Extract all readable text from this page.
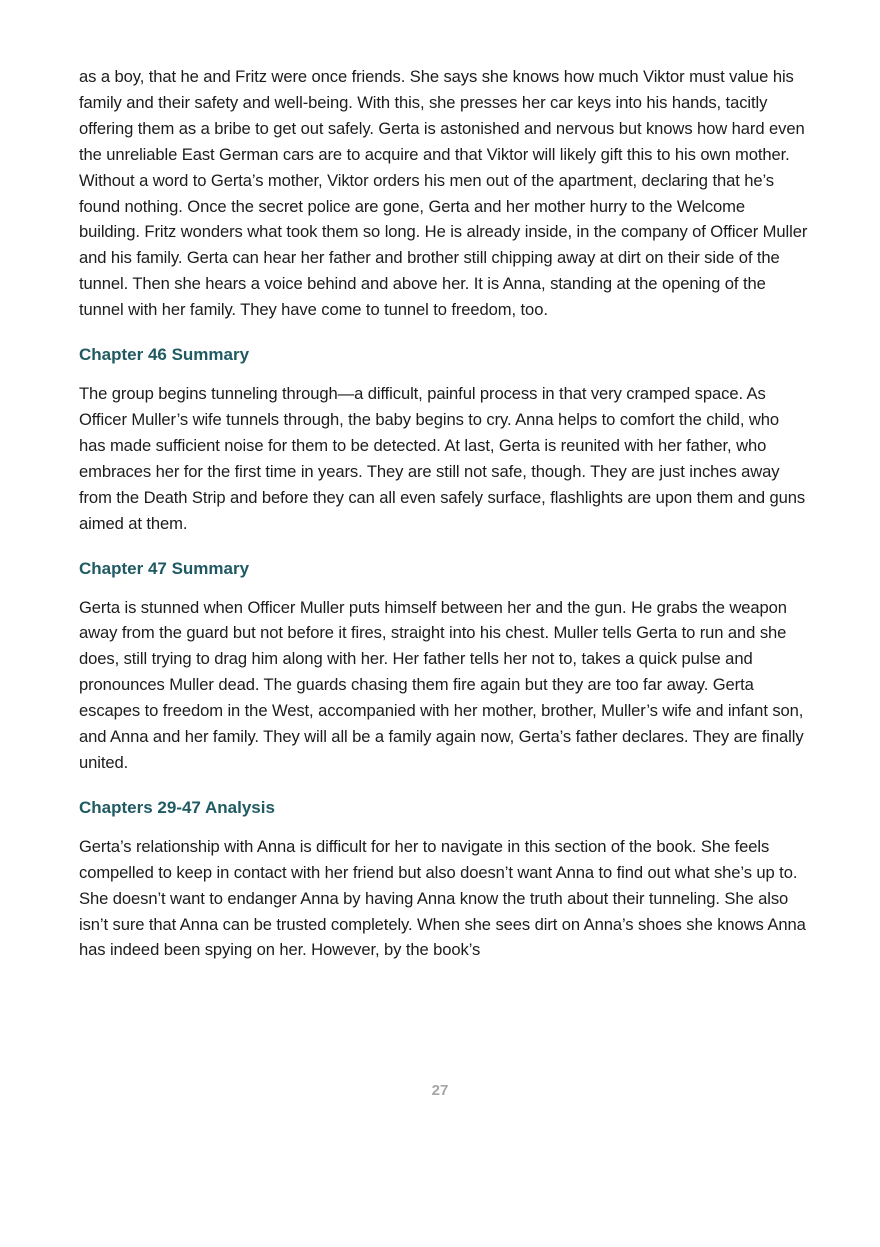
as a boy, that he and Fritz were once friends. She says she knows how much Viktor must value his family and their safety and well-being. With this, she presses her car keys into his hands, tacitly offering them as a bribe to get out safely. Gerta is astonished and nervous but knows how hard even the unreliable East German cars are to acquire and that Viktor will likely gift this to his own mother. Without a word to Gerta’s mother, Viktor orders his men out of the apartment, declaring that he’s found nothing. Once the secret police are gone, Gerta and her mother hurry to the Welcome building. Fritz wonders what took them so long. He is already inside, in the company of Officer Muller and his family. Gerta can hear her father and brother still chipping away at dirt on their side of the tunnel. Then she hears a voice behind and above her. It is Anna, standing at the opening of the tunnel with her family. They have come to tunnel to freedom, too.

Chapter 46 Summary

The group begins tunneling through—a difficult, painful process in that very cramped space. As Officer Muller’s wife tunnels through, the baby begins to cry. Anna helps to comfort the child, who has made sufficient noise for them to be detected. At last, Gerta is reunited with her father, who embraces her for the first time in years. They are still not safe, though. They are just inches away from the Death Strip and before they can all even safely surface, flashlights are upon them and guns aimed at them.

Chapter 47 Summary

Gerta is stunned when Officer Muller puts himself between her and the gun. He grabs the weapon away from the guard but not before it fires, straight into his chest. Muller tells Gerta to run and she does, still trying to drag him along with her. Her father tells her not to, takes a quick pulse and pronounces Muller dead. The guards chasing them fire again but they are too far away. Gerta escapes to freedom in the West, accompanied with her mother, brother, Muller’s wife and infant son, and Anna and her family. They will all be a family again now, Gerta’s father declares. They are finally united.

Chapters 29-47 Analysis

Gerta’s relationship with Anna is difficult for her to navigate in this section of the book. She feels compelled to keep in contact with her friend but also doesn’t want Anna to find out what she’s up to. She doesn’t want to endanger Anna by having Anna know the truth about their tunneling. She also isn’t sure that Anna can be trusted completely. When she sees dirt on Anna’s shoes she knows Anna has indeed been spying on her. However, by the book’s

27
